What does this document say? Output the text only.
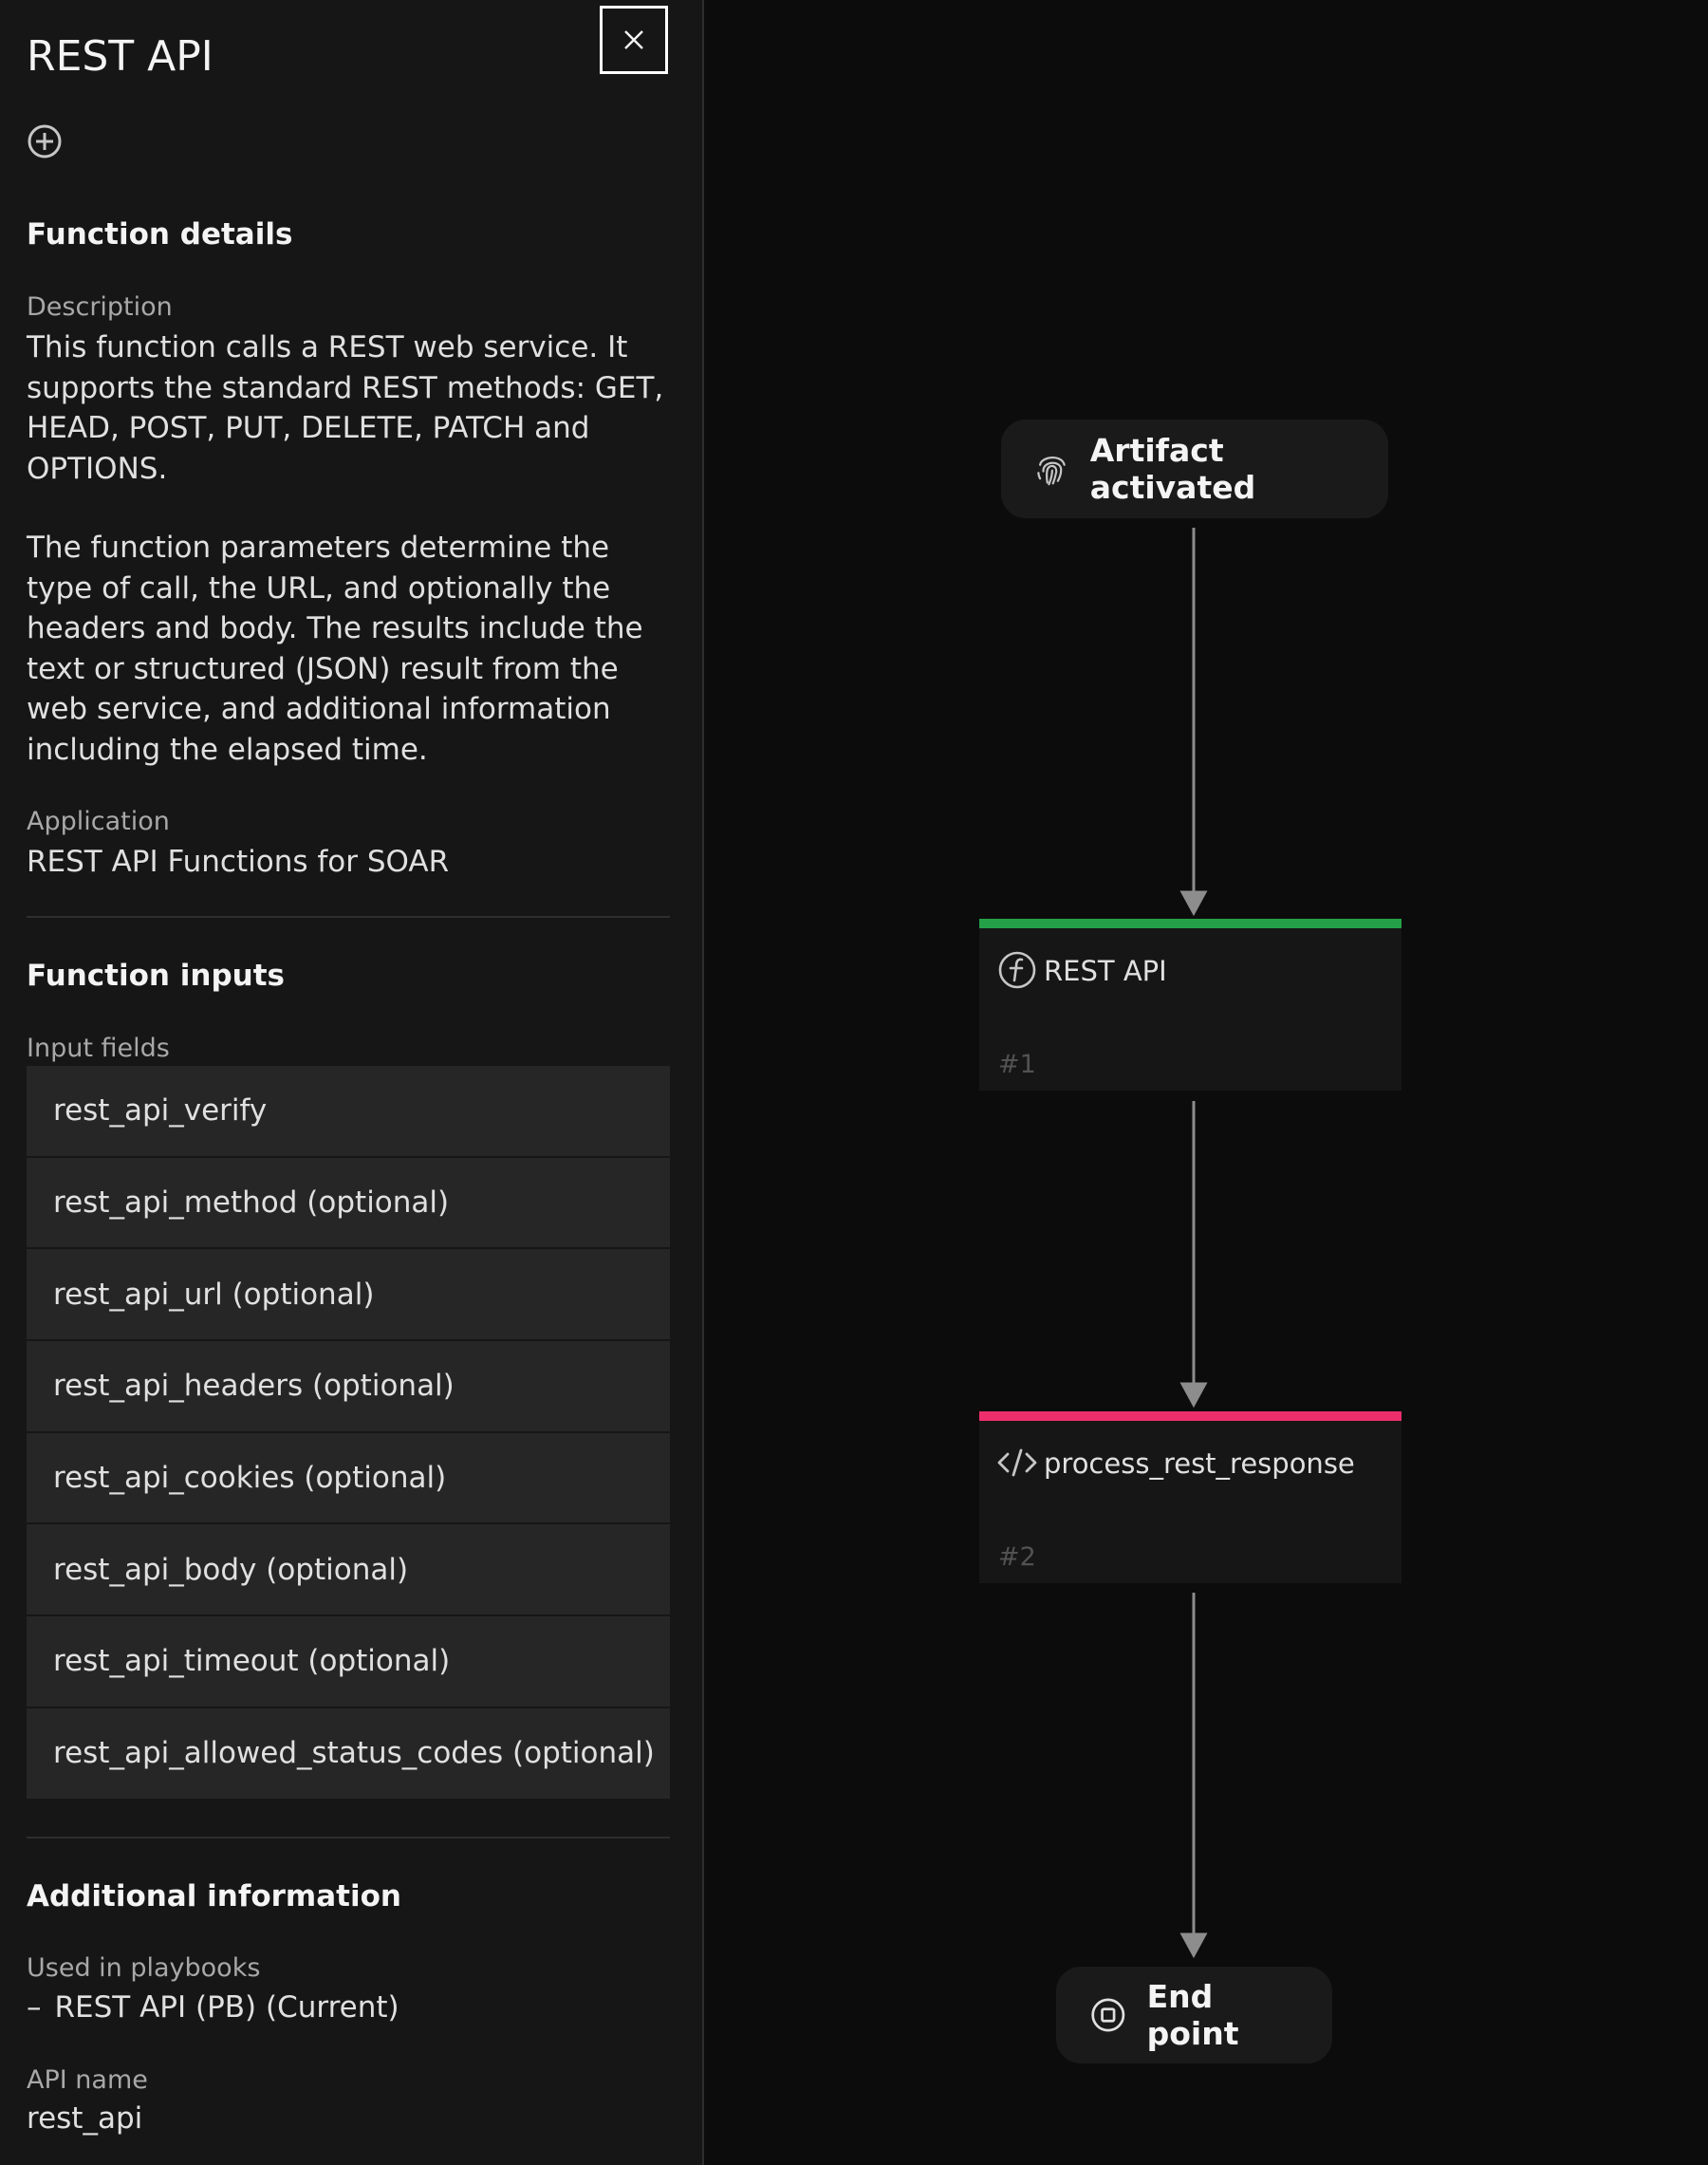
REST API
Function details
Description
This function calls a REST web service. It supports the standard REST methods: GET, HEAD, POST, PUT, DELETE, PATCH and OPTIONS.
The function parameters determine the type of call, the URL, and optionally the headers and body. The results include the text or structured (JSON) result from the web service, and additional information including the elapsed time.
Application
REST API Functions for SOAR
Function inputs
Input fields
rest_api_verify
rest_api_method (optional)
rest_api_url (optional)
rest_api_headers (optional)
rest_api_cookies (optional)
rest_api_body (optional)
rest_api_timeout (optional)
rest_api_allowed_status_codes (optional)
Additional information
Used in playbooks
– REST API (PB) (Current)
API name
rest_api
Artifact activated
REST API
#1
process_rest_response
#2
End point
